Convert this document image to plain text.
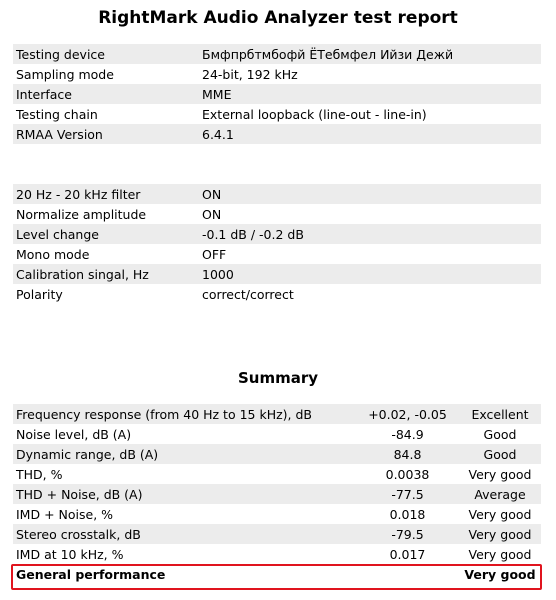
RightMark Audio Analyzer test report
Testing device	Бмфпрбтмбофй ЁТебмфел Ийзи Дежй
Sampling mode	24-bit, 192 kHz
Interface	MME
Testing chain	External loopback (line-out - line-in)
RMAA Version	6.4.1
20 Hz - 20 kHz filter	ON
Normalize amplitude	ON
Level change	-0.1 dB / -0.2 dB
Mono mode	OFF
Calibration singal, Hz	1000
Polarity	correct/correct
Summary
Frequency response (from 40 Hz to 15 kHz), dB	+0.02, -0.05	Excellent
Noise level, dB (A)	-84.9	Good
Dynamic range, dB (A)	84.8	Good
THD, %	0.0038	Very good
THD + Noise, dB (A)	-77.5	Average
IMD + Noise, %	0.018	Very good
Stereo crosstalk, dB	-79.5	Very good
IMD at 10 kHz, %	0.017	Very good
General performance		Very good
